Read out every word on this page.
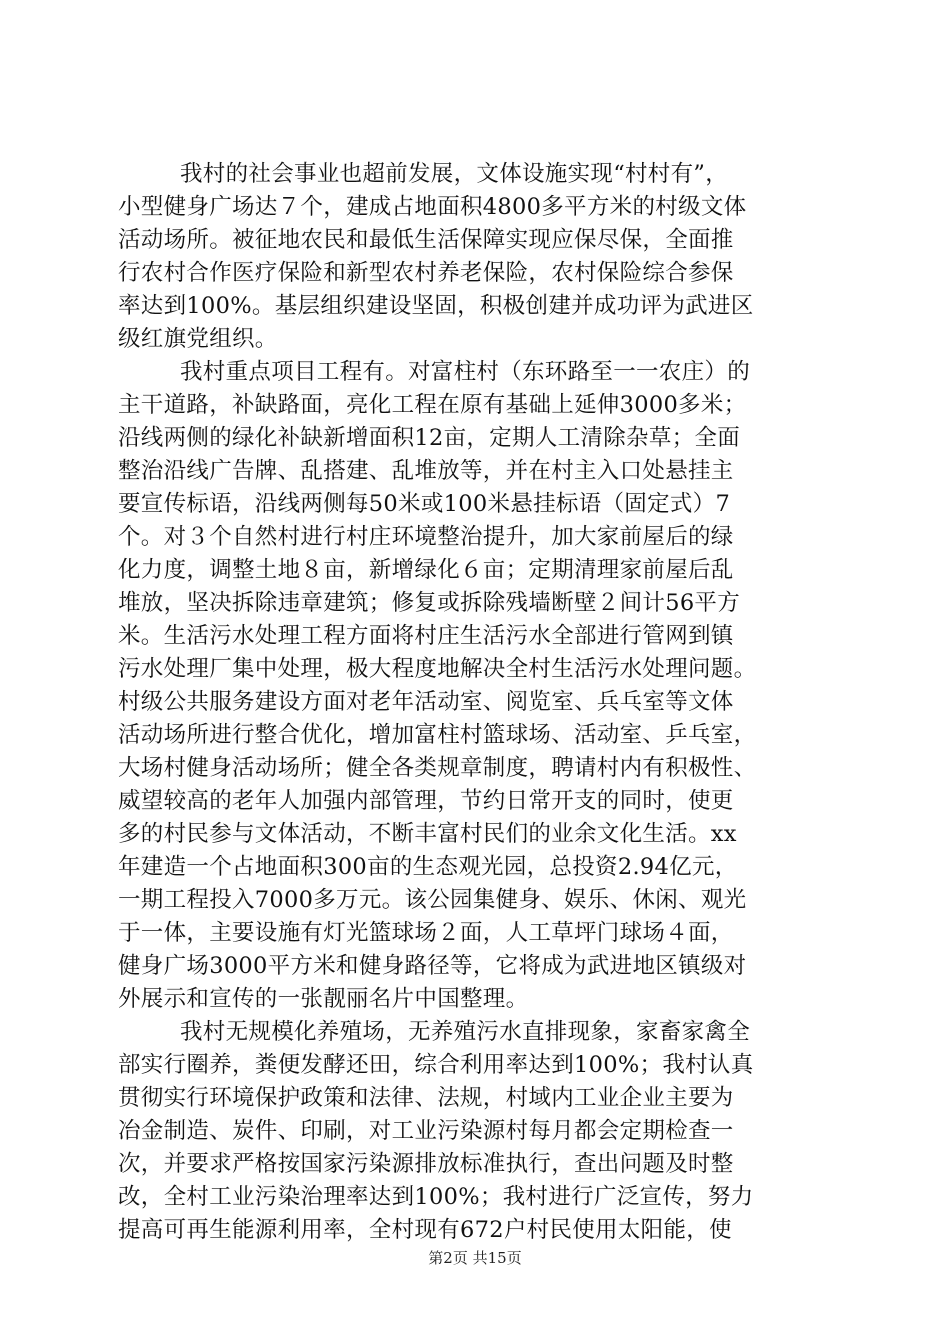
我村的社会事业也超前发展，文体设施实现“村村有”，
小型健身广场达７个，建成占地面积4800多平方米的村级文体
活动场所。被征地农民和最低生活保障实现应保尽保，全面推
行农村合作医疗保险和新型农村养老保险，农村保险综合参保
率达到100%。基层组织建设坚固，积极创建并成功评为武进区
级红旗党组织。
我村重点项目工程有。对富柱村（东环路至一一农庄）的
主干道路，补缺路面，亮化工程在原有基础上延伸3000多米；
沿线两侧的绿化补缺新增面积12亩，定期人工清除杂草；全面
整治沿线广告牌、乱搭建、乱堆放等，并在村主入口处悬挂主
要宣传标语，沿线两侧每50米或100米悬挂标语（固定式）7
个。对３个自然村进行村庄环境整治提升，加大家前屋后的绿
化力度，调整土地８亩，新增绿化６亩；定期清理家前屋后乱
堆放，坚决拆除违章建筑；修复或拆除残墙断壁２间计56平方
米。生活污水处理工程方面将村庄生活污水全部进行管网到镇
污水处理厂集中处理，极大程度地解决全村生活污水处理问题。
村级公共服务建设方面对老年活动室、阅览室、兵乓室等文体
活动场所进行整合优化，增加富柱村篮球场、活动室、乒乓室，
大场村健身活动场所；健全各类规章制度，聘请村内有积极性、
威望较高的老年人加强内部管理，节约日常开支的同时，使更
多的村民参与文体活动，不断丰富村民们的业余文化生活。xx
年建造一个占地面积300亩的生态观光园，总投资2.94亿元，
一期工程投入7000多万元。该公园集健身、娱乐、休闲、观光
于一体，主要设施有灯光篮球场２面，人工草坪门球场４面，
健身广场3000平方米和健身路径等，它将成为武进地区镇级对
外展示和宣传的一张靓丽名片中国整理。
我村无规模化养殖场，无养殖污水直排现象，家畜家禽全
部实行圈养，粪便发酵还田，综合利用率达到100%；我村认真
贯彻实行环境保护政策和法律、法规，村域内工业企业主要为
冶金制造、炭件、印刷，对工业污染源村每月都会定期检查一
次，并要求严格按国家污染源排放标准执行，查出问题及时整
改，全村工业污染治理率达到100%；我村进行广泛宣传，努力
提高可再生能源利用率，全村现有672户村民使用太阳能，使
第2页 共15页
